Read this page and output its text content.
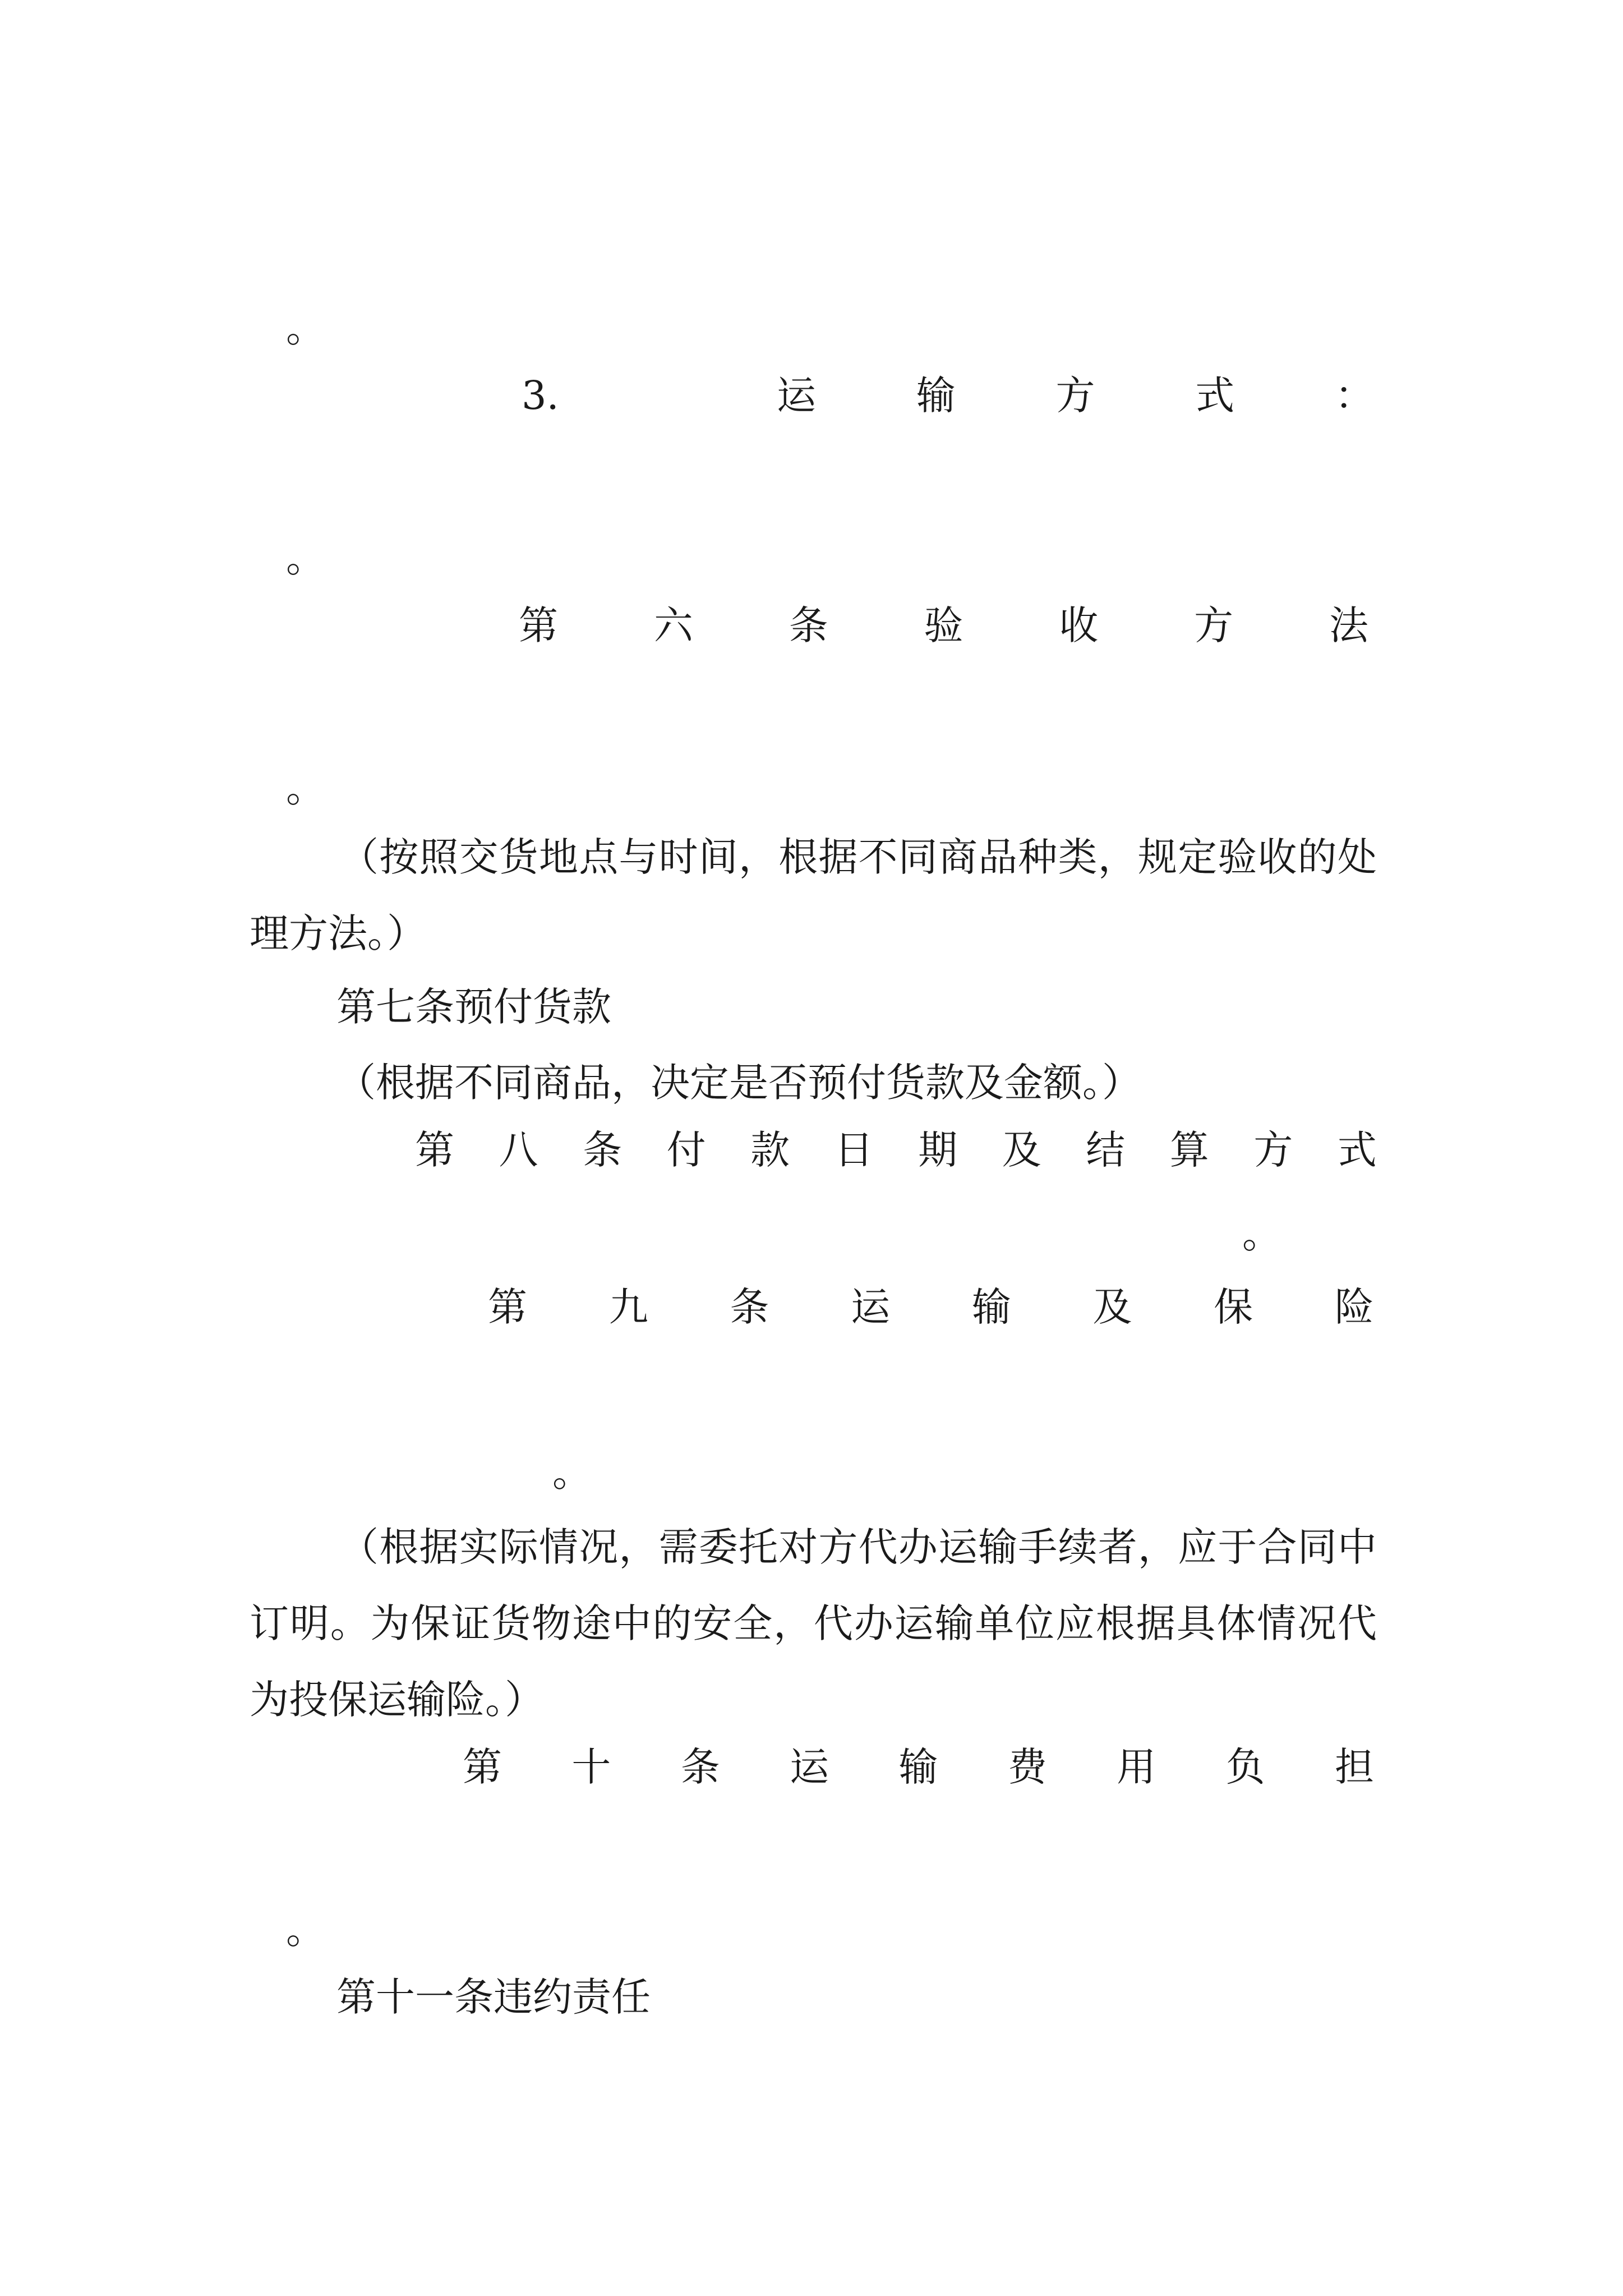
。
3.	运	输	方	式	：
。
第 六 条 验 收 方 法
。
（按照交货地点与时间，根据不同商品种类，规定验收的处理方法。）
第七条预付货款
（根据不同商品，决定是否预付货款及金额。）
第 八 条 付 款 日 期 及 结 算 方 式
。
第 九 条 运 输 及 保 险
。
（根据实际情况，需委托对方代办运输手续者，应于合同中订明。为保证货物途中的安全，代办运输单位应根据具体情况代为投保运输险。）
第 十 条 运 输 费 用 负 担
。
第十一条违约责任
